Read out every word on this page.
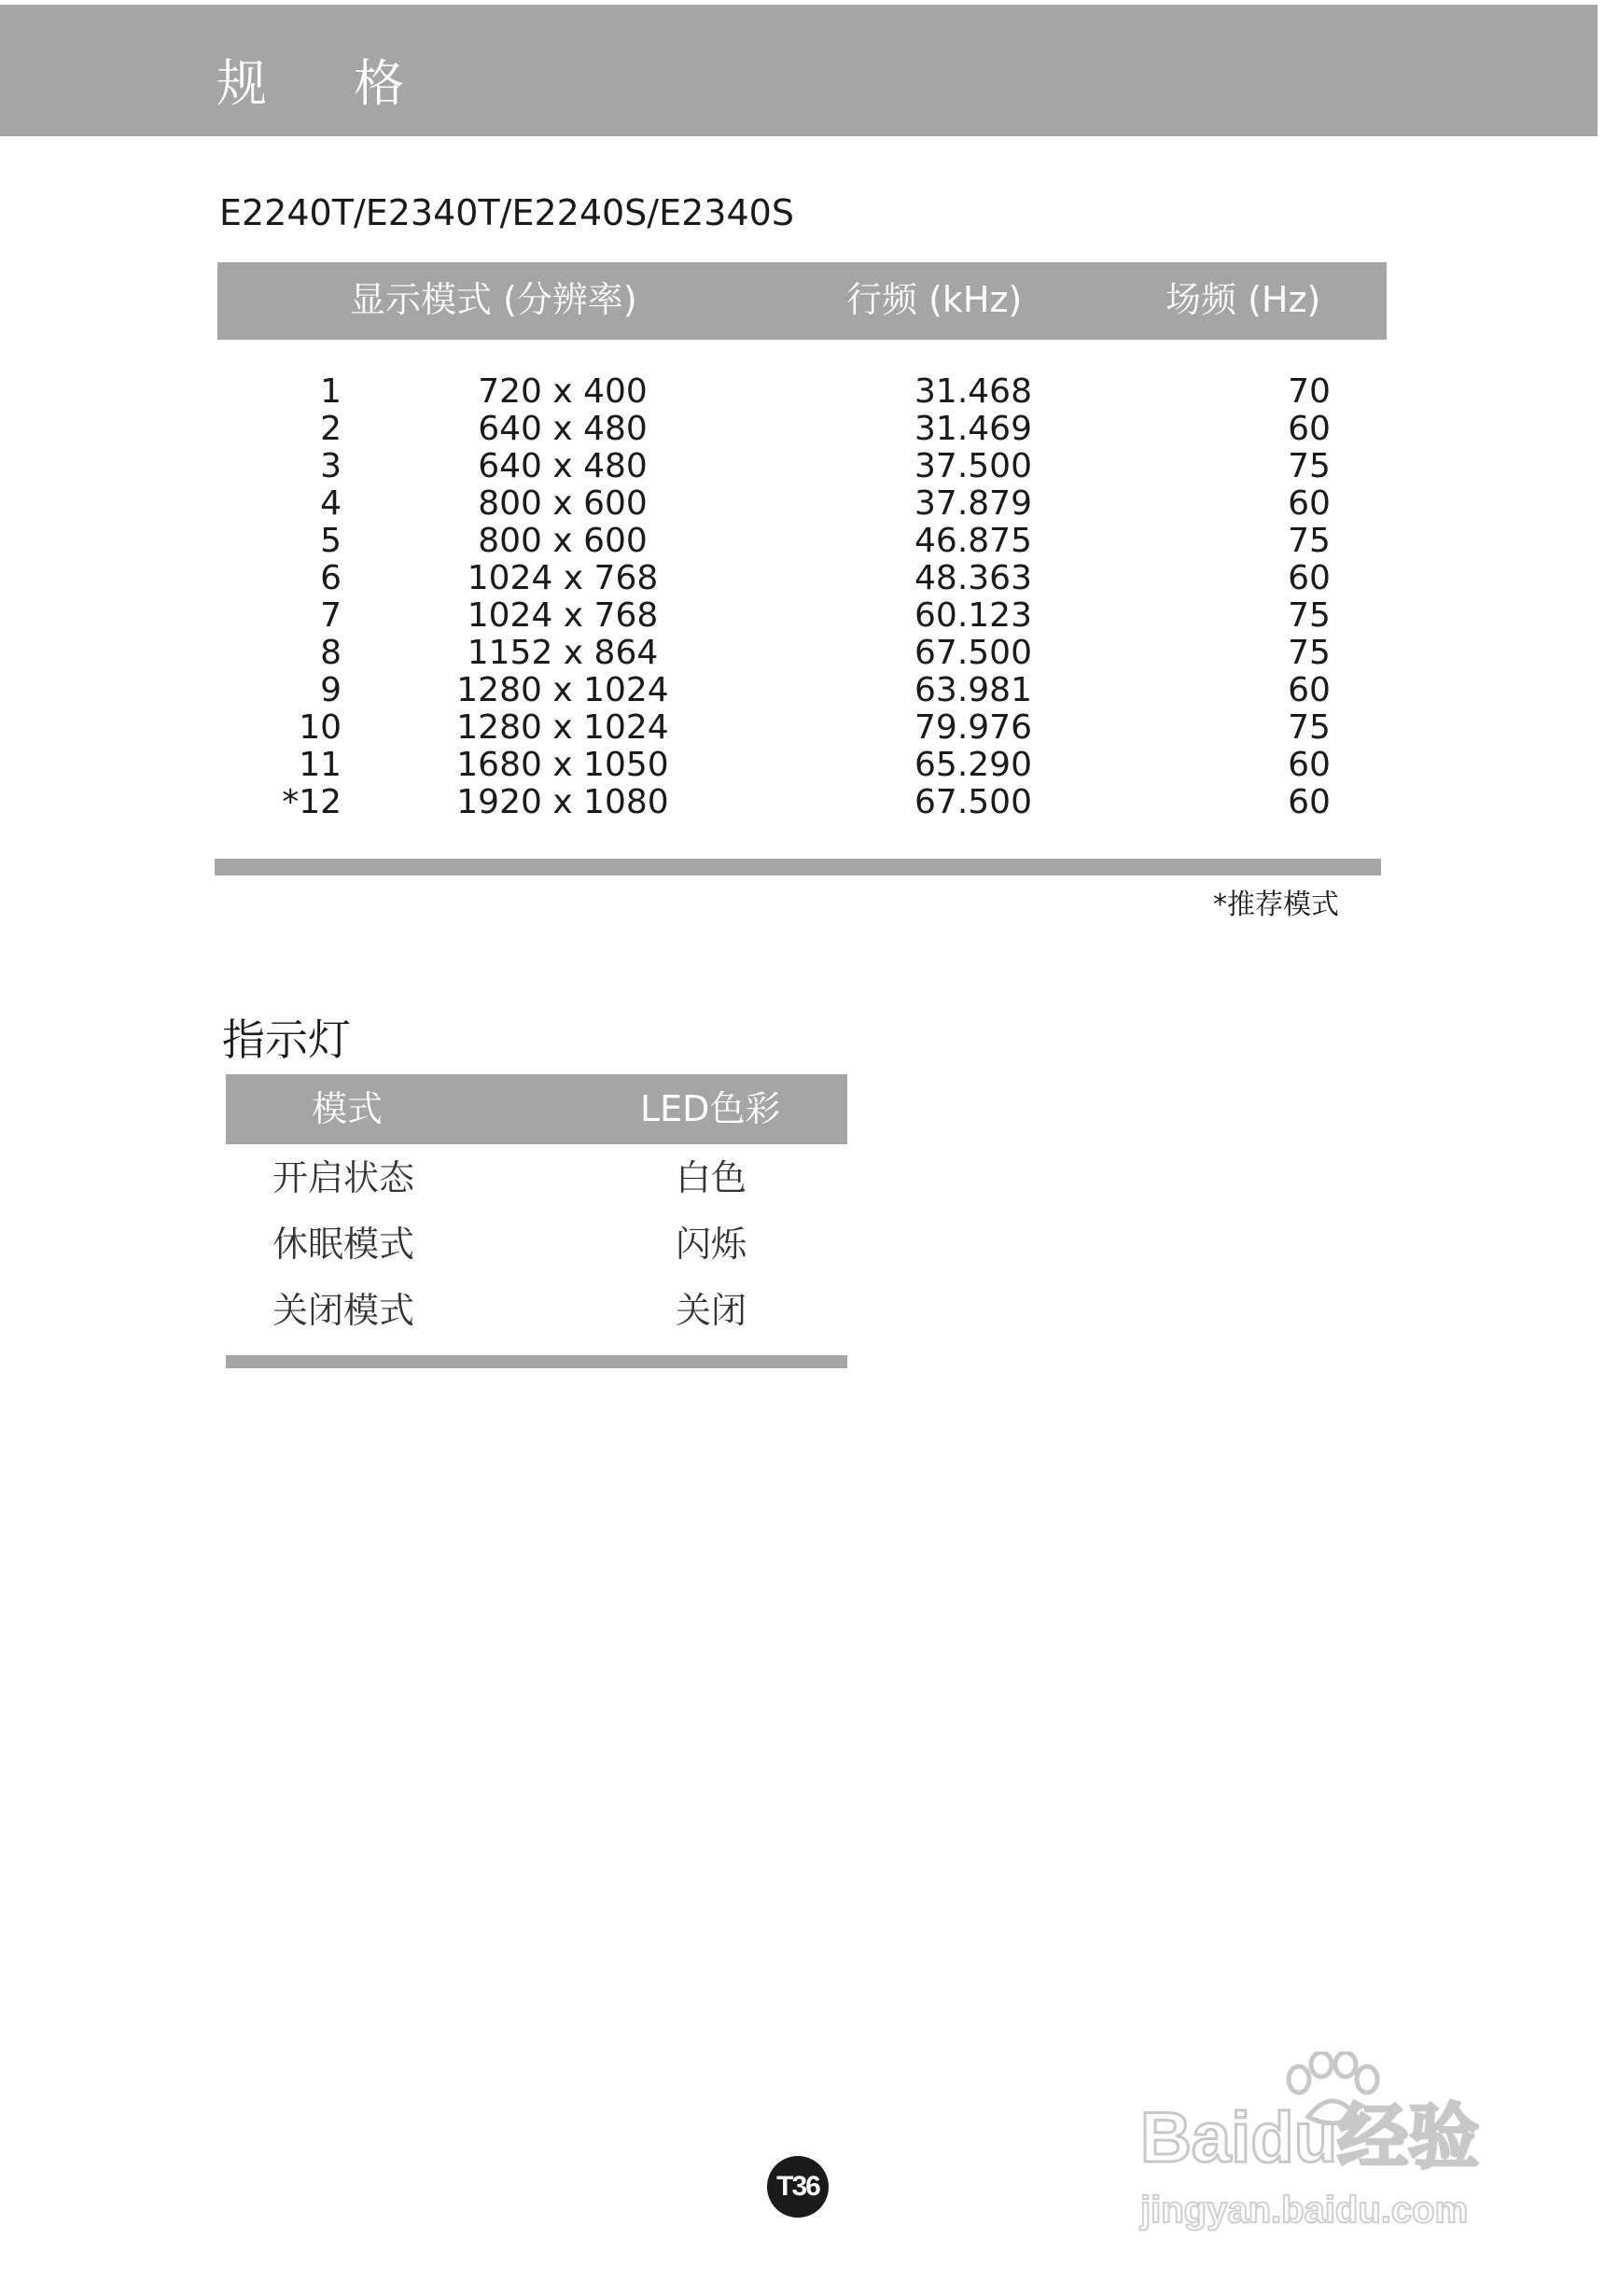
规 格
E2240T/E2340T/E2240S/E2340S
显示模式 (分辨率)	行频 (kHz)	场频 (Hz)
1	720 x 400	31.468	70
2	640 x 480	31.469	60
3	640 x 480	37.500	75
4	800 x 600	37.879	60
5	800 x 600	46.875	75
6	1024 x 768	48.363	60
7	1024 x 768	60.123	75
8	1152 x 864	67.500	75
9	1280 x 1024	63.981	60
10	1280 x 1024	79.976	75
11	1680 x 1050	65.290	60
*12	1920 x 1080	67.500	60
*推荐模式
指示灯
模式	LED色彩
开启状态	白色
休眠模式	闪烁
关闭模式	关闭
T36
Baidu经验
jingyan.baidu.com
